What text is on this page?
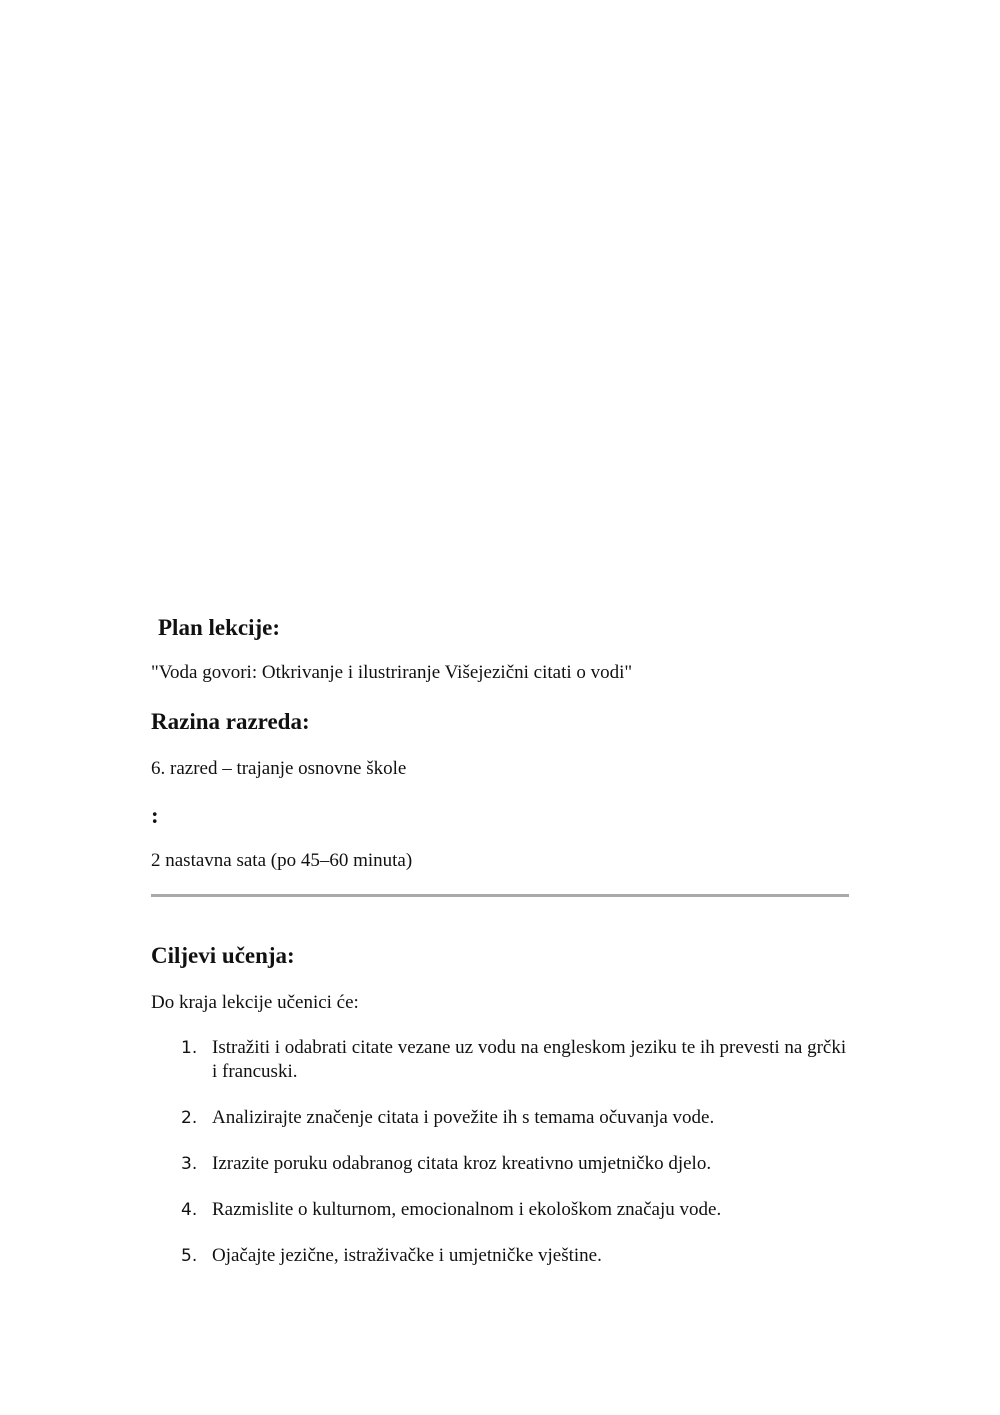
Plan lekcije:
"Voda govori: Otkrivanje i ilustriranje Višejezični citati o vodi"
Razina razreda:
6. razred – trajanje osnovne škole
:
2 nastavna sata (po 45–60 minuta)
Ciljevi učenja:
Do kraja lekcije učenici će:
1. Istražiti i odabrati citate vezane uz vodu na engleskom jeziku te ih prevesti na grčki i francuski.
2. Analizirajte značenje citata i povežite ih s temama očuvanja vode.
3. Izrazite poruku odabranog citata kroz kreativno umjetničko djelo.
4. Razmislite o kulturnom, emocionalnom i ekološkom značaju vode.
5. Ojačajte jezične, istraživačke i umjetničke vještine.
